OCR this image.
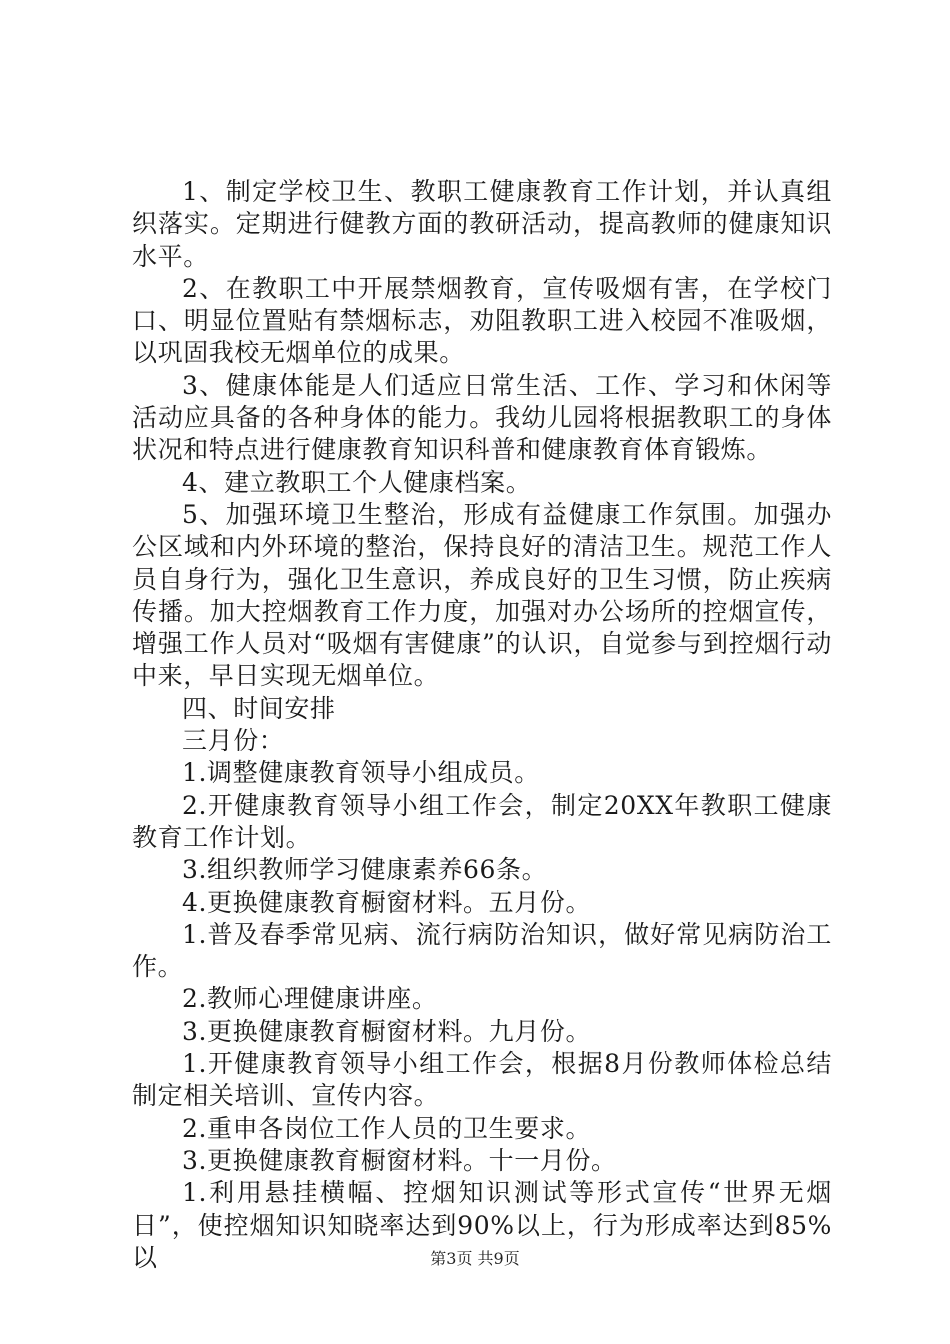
1、制定学校卫生、教职工健康教育工作计划，并认真组织落实。定期进行健教方面的教研活动，提高教师的健康知识水平。

2、在教职工中开展禁烟教育，宣传吸烟有害，在学校门口、明显位置贴有禁烟标志，劝阻教职工进入校园不准吸烟，以巩固我校无烟单位的成果。

3、健康体能是人们适应日常生活、工作、学习和休闲等活动应具备的各种身体的能力。我幼儿园将根据教职工的身体状况和特点进行健康教育知识科普和健康教育体育锻炼。

4、建立教职工个人健康档案。

5、加强环境卫生整治，形成有益健康工作氛围。加强办公区域和内外环境的整治，保持良好的清洁卫生。规范工作人员自身行为，强化卫生意识，养成良好的卫生习惯，防止疾病传播。加大控烟教育工作力度，加强对办公场所的控烟宣传，增强工作人员对“吸烟有害健康”的认识，自觉参与到控烟行动中来，早日实现无烟单位。

四、时间安排

三月份：

1.调整健康教育领导小组成员。

2.开健康教育领导小组工作会，制定20XX年教职工健康教育工作计划。

3.组织教师学习健康素养66条。

4.更换健康教育橱窗材料。五月份。

1.普及春季常见病、流行病防治知识，做好常见病防治工作。

2.教师心理健康讲座。

3.更换健康教育橱窗材料。九月份。

1.开健康教育领导小组工作会，根据8月份教师体检总结制定相关培训、宣传内容。

2.重申各岗位工作人员的卫生要求。

3.更换健康教育橱窗材料。十一月份。

1.利用悬挂横幅、控烟知识测试等形式宣传“世界无烟日”，使控烟知识知晓率达到90%以上，行为形成率达到85%以	第3页 共9页
